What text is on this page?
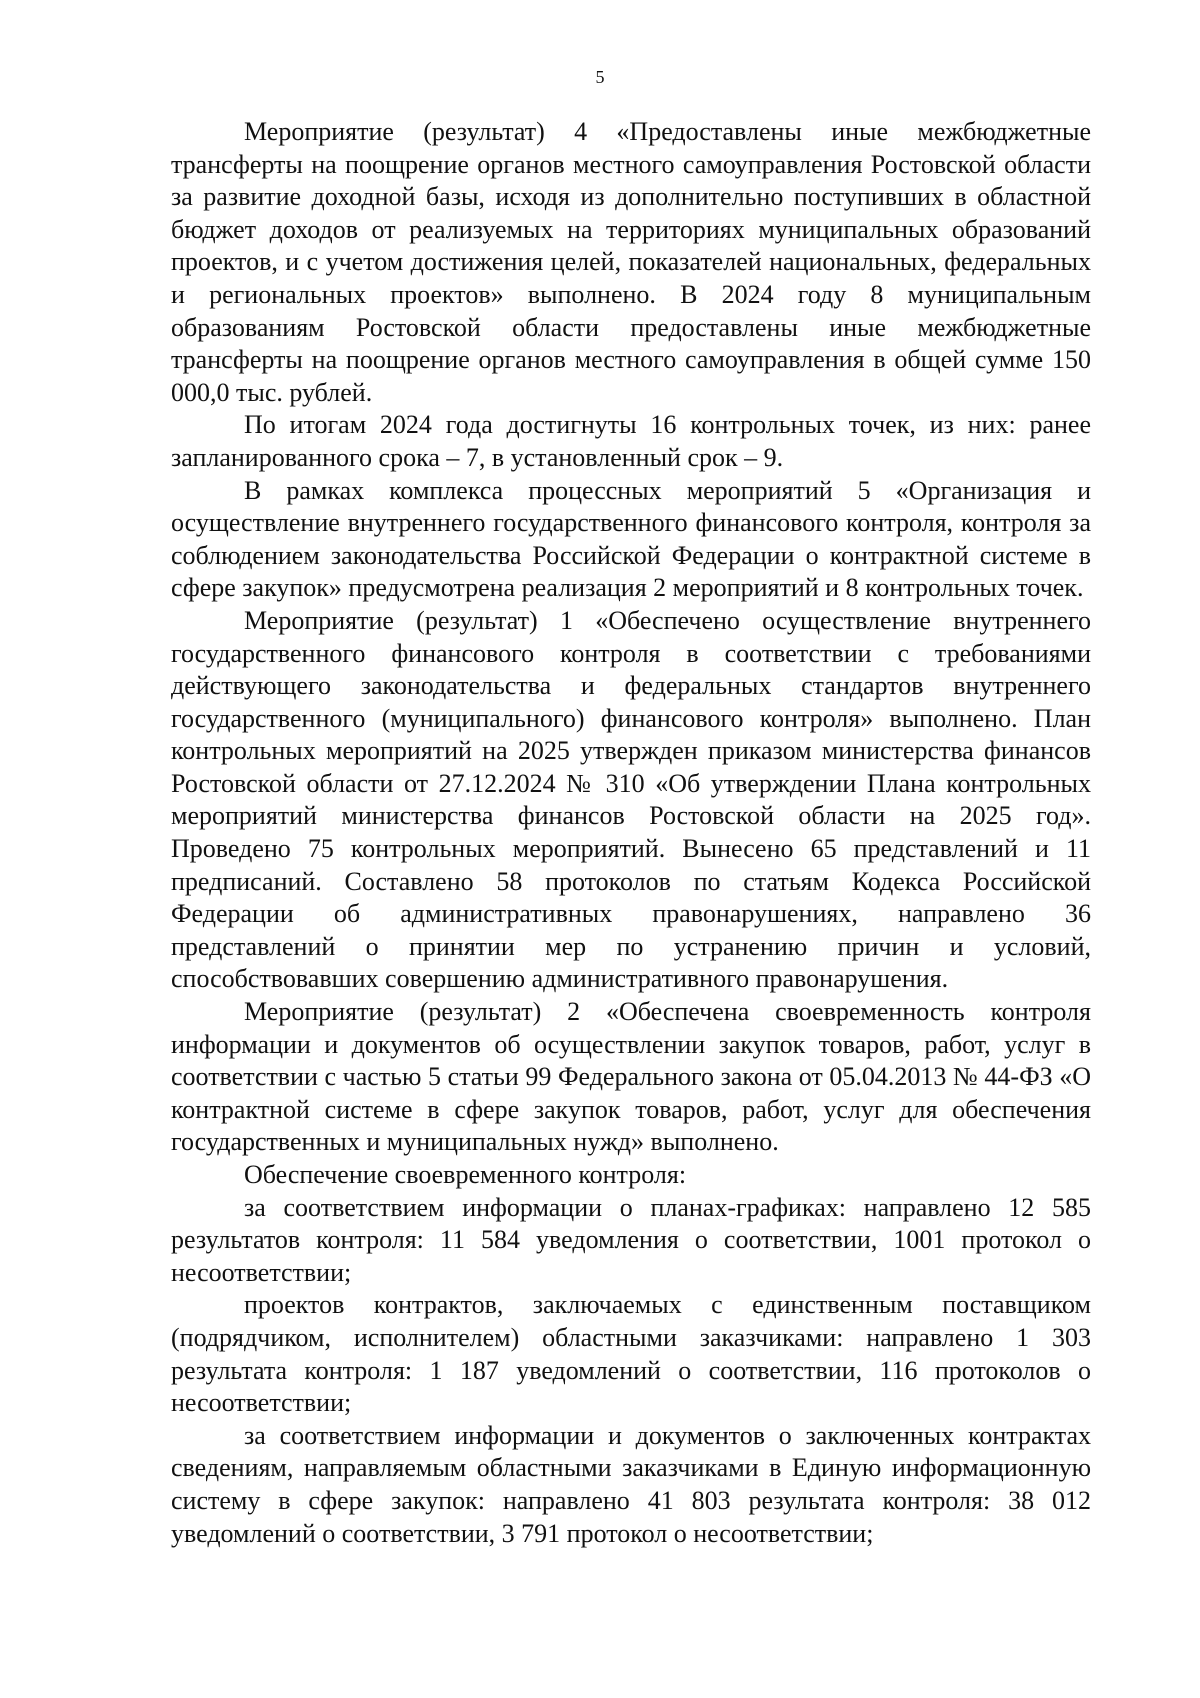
5

Мероприятие (результат) 4 «Предоставлены иные межбюджетные трансферты на поощрение органов местного самоуправления Ростовской области за развитие доходной базы, исходя из дополнительно поступивших в областной бюджет доходов от реализуемых на территориях муниципальных образований проектов, и с учетом достижения целей, показателей национальных, федеральных и региональных проектов» выполнено. В 2024 году 8 муниципальным образованиям Ростовской области предоставлены иные межбюджетные трансферты на поощрение органов местного самоуправления в общей сумме 150 000,0 тыс. рублей.

По итогам 2024 года достигнуты 16 контрольных точек, из них: ранее запланированного срока – 7, в установленный срок – 9.

В рамках комплекса процессных мероприятий 5 «Организация и осуществление внутреннего государственного финансового контроля, контроля за соблюдением законодательства Российской Федерации о контрактной системе в сфере закупок» предусмотрена реализация 2 мероприятий и 8 контрольных точек.

Мероприятие (результат) 1 «Обеспечено осуществление внутреннего государственного финансового контроля в соответствии с требованиями действующего законодательства и федеральных стандартов внутреннего государственного (муниципального) финансового контроля» выполнено. План контрольных мероприятий на 2025 утвержден приказом министерства финансов Ростовской области от 27.12.2024 № 310 «Об утверждении Плана контрольных мероприятий министерства финансов Ростовской области на 2025 год». Проведено 75 контрольных мероприятий. Вынесено 65 представлений и 11 предписаний. Составлено 58 протоколов по статьям Кодекса Российской Федерации об административных правонарушениях, направлено 36 представлений о принятии мер по устранению причин и условий, способствовавших совершению административного правонарушения.

Мероприятие (результат) 2 «Обеспечена своевременность контроля информации и документов об осуществлении закупок товаров, работ, услуг в соответствии с частью 5 статьи 99 Федерального закона от 05.04.2013 № 44-ФЗ «О контрактной системе в сфере закупок товаров, работ, услуг для обеспечения государственных и муниципальных нужд» выполнено.

Обеспечение своевременного контроля:

за соответствием информации о планах-графиках: направлено 12 585 результатов контроля: 11 584 уведомления о соответствии, 1001 протокол о несоответствии;

проектов контрактов, заключаемых с единственным поставщиком (подрядчиком, исполнителем) областными заказчиками: направлено 1 303 результата контроля: 1 187 уведомлений о соответствии, 116 протоколов о несоответствии;

за соответствием информации и документов о заключенных контрактах сведениям, направляемым областными заказчиками в Единую информационную систему в сфере закупок: направлено 41 803 результата контроля: 38 012 уведомлений о соответствии, 3 791 протокол о несоответствии;
